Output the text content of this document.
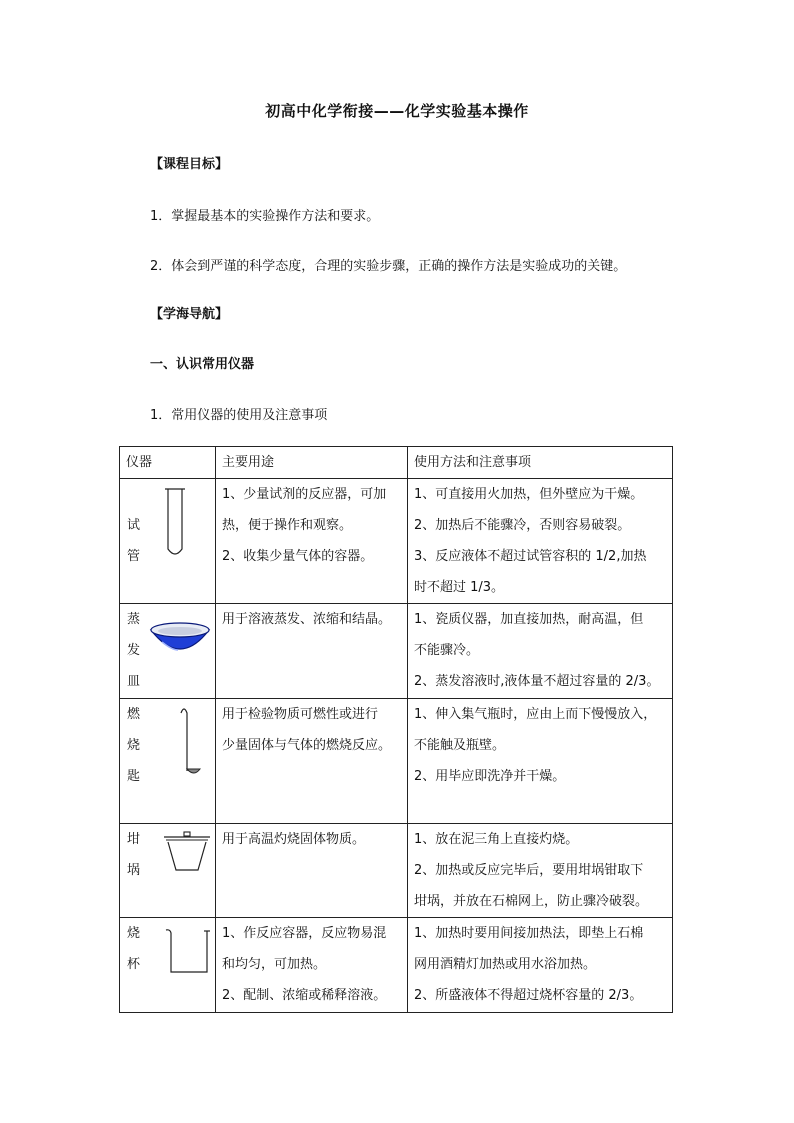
初高中化学衔接——化学实验基本操作
【课程目标】
1．掌握最基本的实验操作方法和要求。
2．体会到严谨的科学态度，合理的实验步骤，正确的操作方法是实验成功的关键。
【学海导航】
一、认识常用仪器
1．常用仪器的使用及注意事项
仪器	主要用途	使用方法和注意事项

试
管	1、少量试剂的反应器，可加
热，便于操作和观察。
2、收集少量气体的容器。	1、可直接用火加热，但外壁应为干燥。
2、加热后不能骤冷，否则容易破裂。
3、反应液体不超过试管容积的 1/2,加热
时不超过 1/3。

蒸
发
皿	用于溶液蒸发、浓缩和结晶。	1、瓷质仪器，加直接加热，耐高温，但
不能骤冷。
2、蒸发溶液时,液体量不超过容量的 2/3。

燃
烧
匙	用于检验物质可燃性或进行
少量固体与气体的燃烧反应。	1、伸入集气瓶时，应由上而下慢慢放入，
不能触及瓶壁。
2、用毕应即洗净并干燥。

坩
埚	用于高温灼烧固体物质。	1、放在泥三角上直接灼烧。
2、加热或反应完毕后，要用坩埚钳取下
坩埚，并放在石棉网上，防止骤冷破裂。

烧
杯	1、作反应容器，反应物易混
和均匀，可加热。
2、配制、浓缩或稀释溶液。	1、加热时要用间接加热法，即垫上石棉
网用酒精灯加热或用水浴加热。
2、所盛液体不得超过烧杯容量的 2/3。
